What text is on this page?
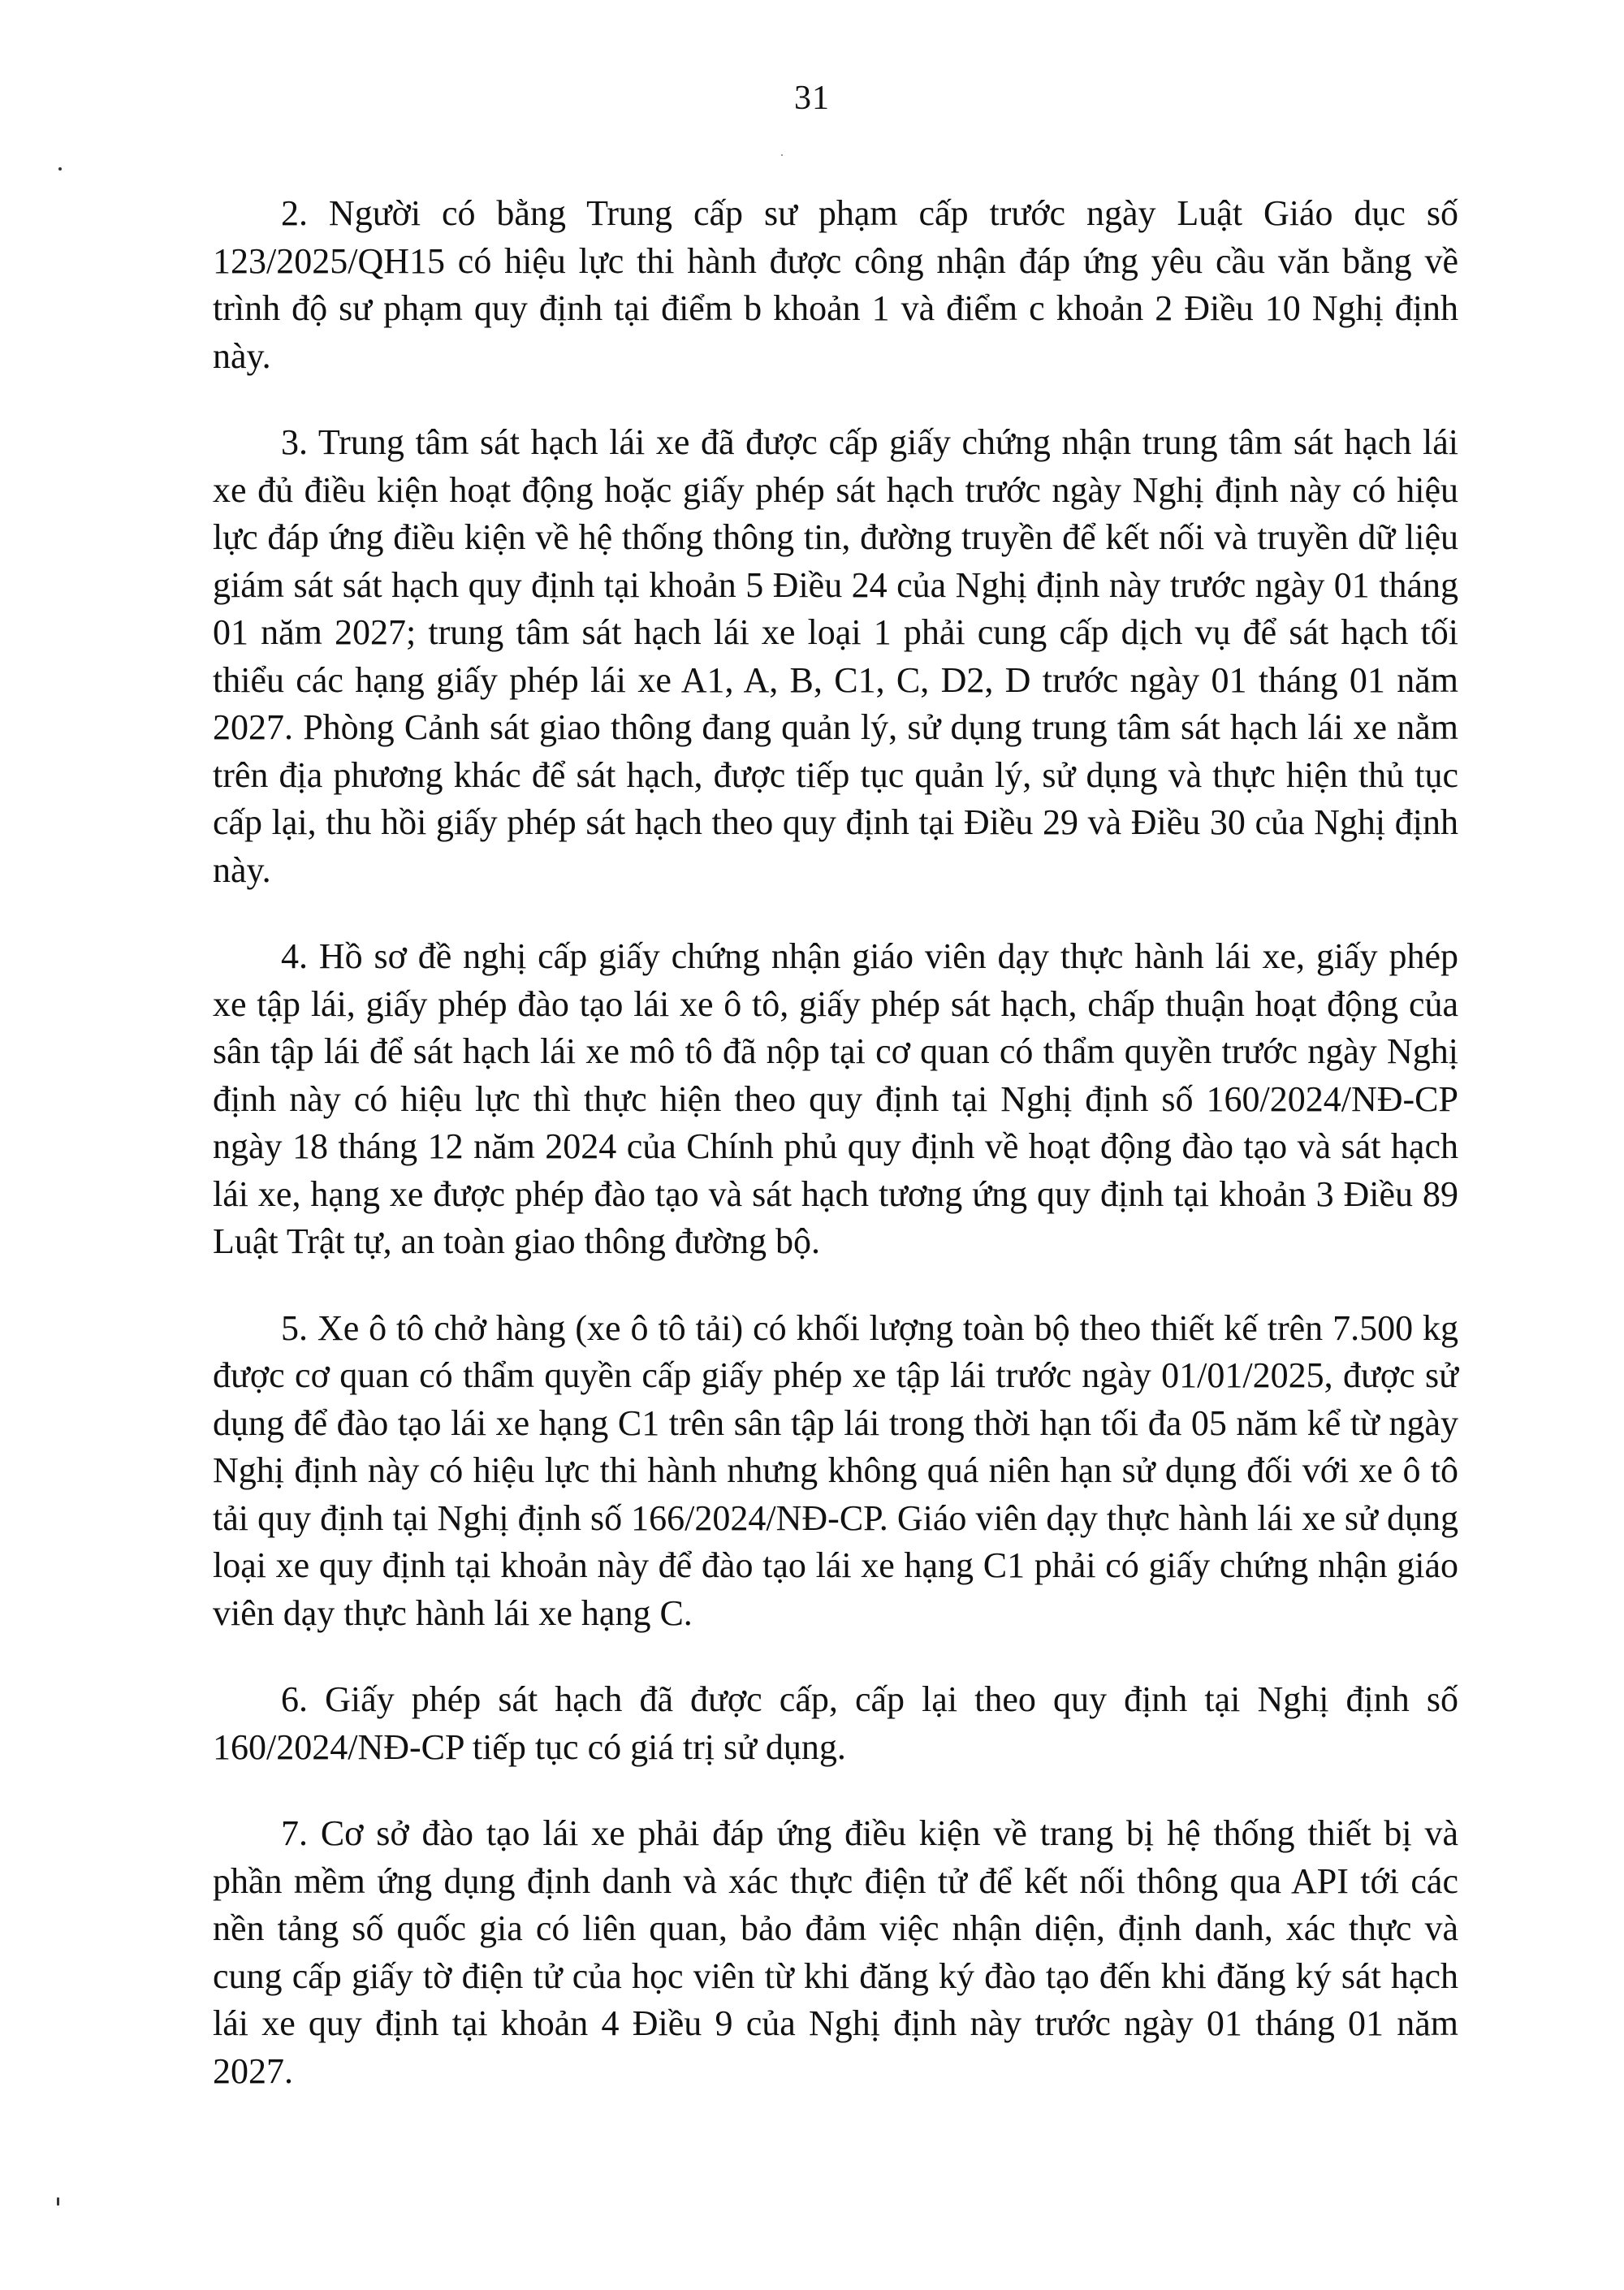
31

2. Người có bằng Trung cấp sư phạm cấp trước ngày Luật Giáo dục số 123/2025/QH15 có hiệu lực thi hành được công nhận đáp ứng yêu cầu văn bằng về trình độ sư phạm quy định tại điểm b khoản 1 và điểm c khoản 2 Điều 10 Nghị định này.

3. Trung tâm sát hạch lái xe đã được cấp giấy chứng nhận trung tâm sát hạch lái xe đủ điều kiện hoạt động hoặc giấy phép sát hạch trước ngày Nghị định này có hiệu lực đáp ứng điều kiện về hệ thống thông tin, đường truyền để kết nối và truyền dữ liệu giám sát sát hạch quy định tại khoản 5 Điều 24 của Nghị định này trước ngày 01 tháng 01 năm 2027; trung tâm sát hạch lái xe loại 1 phải cung cấp dịch vụ để sát hạch tối thiểu các hạng giấy phép lái xe A1, A, B, C1, C, D2, D trước ngày 01 tháng 01 năm 2027. Phòng Cảnh sát giao thông đang quản lý, sử dụng trung tâm sát hạch lái xe nằm trên địa phương khác để sát hạch, được tiếp tục quản lý, sử dụng và thực hiện thủ tục cấp lại, thu hồi giấy phép sát hạch theo quy định tại Điều 29 và Điều 30 của Nghị định này.

4. Hồ sơ đề nghị cấp giấy chứng nhận giáo viên dạy thực hành lái xe, giấy phép xe tập lái, giấy phép đào tạo lái xe ô tô, giấy phép sát hạch, chấp thuận hoạt động của sân tập lái để sát hạch lái xe mô tô đã nộp tại cơ quan có thẩm quyền trước ngày Nghị định này có hiệu lực thì thực hiện theo quy định tại Nghị định số 160/2024/NĐ-CP ngày 18 tháng 12 năm 2024 của Chính phủ quy định về hoạt động đào tạo và sát hạch lái xe, hạng xe được phép đào tạo và sát hạch tương ứng quy định tại khoản 3 Điều 89 Luật Trật tự, an toàn giao thông đường bộ.

5. Xe ô tô chở hàng (xe ô tô tải) có khối lượng toàn bộ theo thiết kế trên 7.500 kg được cơ quan có thẩm quyền cấp giấy phép xe tập lái trước ngày 01/01/2025, được sử dụng để đào tạo lái xe hạng C1 trên sân tập lái trong thời hạn tối đa 05 năm kể từ ngày Nghị định này có hiệu lực thi hành nhưng không quá niên hạn sử dụng đối với xe ô tô tải quy định tại Nghị định số 166/2024/NĐ-CP. Giáo viên dạy thực hành lái xe sử dụng loại xe quy định tại khoản này để đào tạo lái xe hạng C1 phải có giấy chứng nhận giáo viên dạy thực hành lái xe hạng C.

6. Giấy phép sát hạch đã được cấp, cấp lại theo quy định tại Nghị định số 160/2024/NĐ-CP tiếp tục có giá trị sử dụng.

7. Cơ sở đào tạo lái xe phải đáp ứng điều kiện về trang bị hệ thống thiết bị và phần mềm ứng dụng định danh và xác thực điện tử để kết nối thông qua API tới các nền tảng số quốc gia có liên quan, bảo đảm việc nhận diện, định danh, xác thực và cung cấp giấy tờ điện tử của học viên từ khi đăng ký đào tạo đến khi đăng ký sát hạch lái xe quy định tại khoản 4 Điều 9 của Nghị định này trước ngày 01 tháng 01 năm 2027.
